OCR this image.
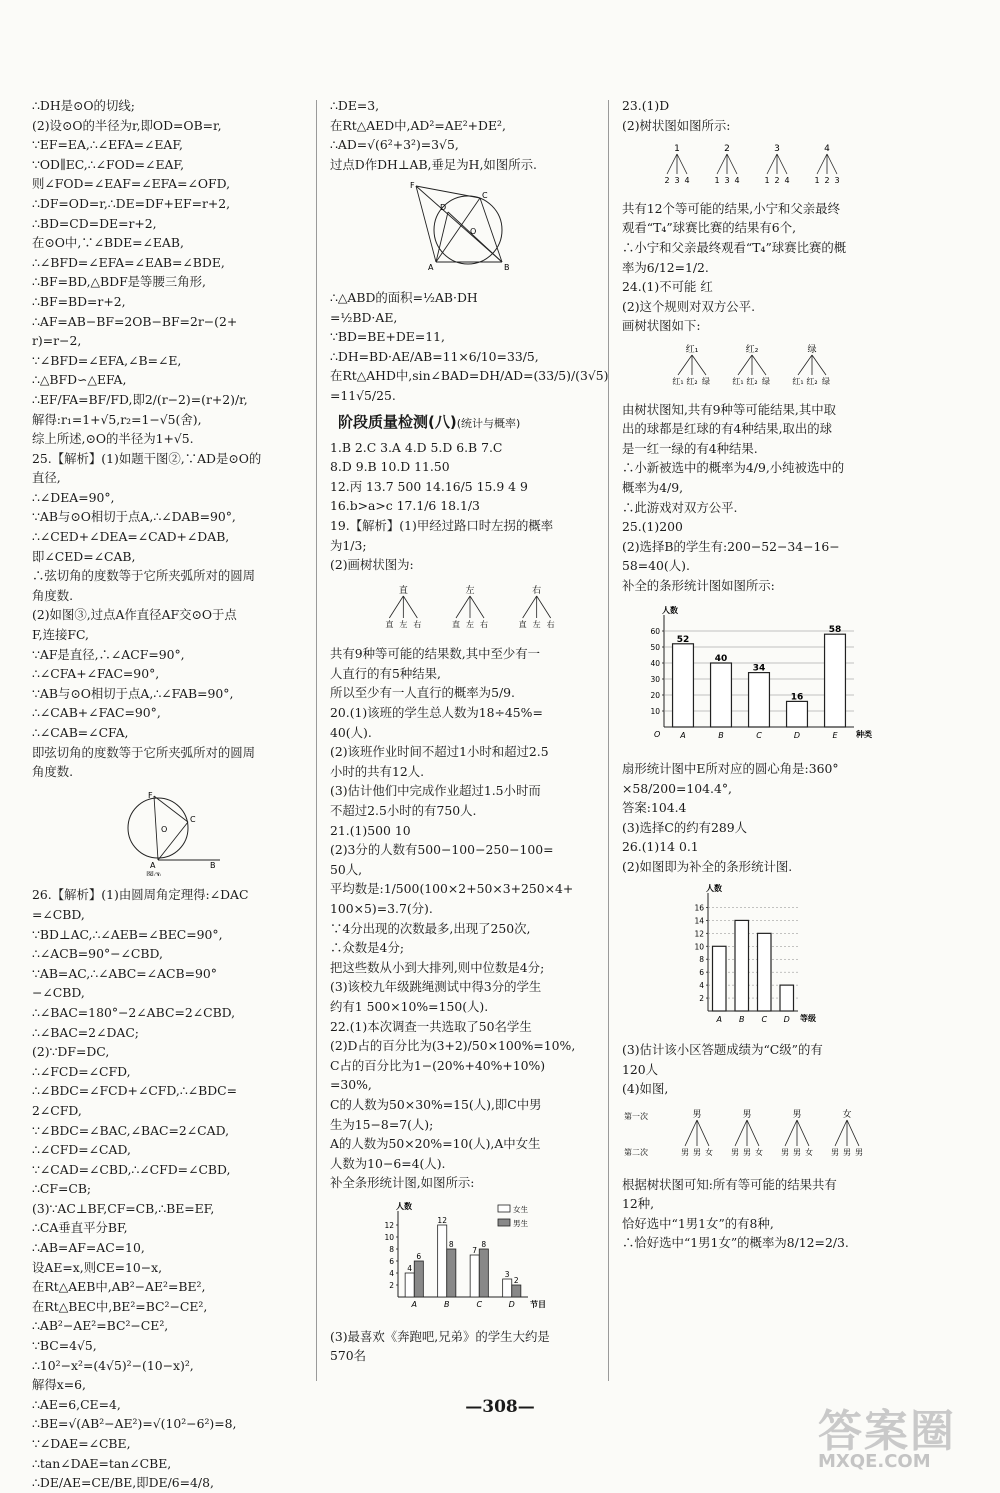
∴DH是⊙O的切线;
(2)设⊙O的半径为r,即OD=OB=r,
∵EF=EA,∴∠EFA=∠EAF,
∵OD∥EC,∴∠FOD=∠EAF,
则∠FOD=∠EAF=∠EFA=∠OFD,
∴DF=OD=r,∴DE=DF+EF=r+2,
∴BD=CD=DE=r+2,
在⊙O中,∵∠BDE=∠EAB,
∴∠BFD=∠EFA=∠EAB=∠BDE,
∴BF=BD,△BDF是等腰三角形,
∴BF=BD=r+2,
∴AF=AB−BF=2OB−BF=2r−(2+
r)=r−2,
∵∠BFD=∠EFA,∠B=∠E,
∴△BFD∽△EFA,
∴EF/FA=BF/FD,即2/(r−2)=(r+2)/r,
解得:r₁=1+√5,r₂=1−√5(舍),
综上所述,⊙O的半径为1+√5.
25.【解析】(1)如题干图②,∵AD是⊙O的
直径,
∴∠DEA=90°,
∵AB与⊙O相切于点A,∴∠DAB=90°,
∴∠CED+∠DEA=∠CAD+∠DAB,
即∠CED=∠CAB,
∴弦切角的度数等于它所夹弧所对的圆周
角度数.
(2)如图③,过点A作直径AF交⊙O于点
F,连接FC,
∵AF是直径,∴∠ACF=90°,
∴∠CFA+∠FAC=90°,
∵AB与⊙O相切于点A,∴∠FAB=90°,
∴∠CAB+∠FAC=90°,
∴∠CAB=∠CFA,
即弦切角的度数等于它所夹弧所对的圆周
角度数.
F
O
C
A	B
图③
26.【解析】(1)由圆周角定理得:∠DAC
=∠CBD,
∵BD⊥AC,∴∠AEB=∠BEC=90°,
∴∠ACB=90°−∠CBD,
∵AB=AC,∴∠ABC=∠ACB=90°
−∠CBD,
∴∠BAC=180°−2∠ABC=2∠CBD,
∴∠BAC=2∠DAC;
(2)∵DF=DC,
∴∠FCD=∠CFD,
∴∠BDC=∠FCD+∠CFD,∴∠BDC=
2∠CFD,
∵∠BDC=∠BAC,∠BAC=2∠CAD,
∴∠CFD=∠CAD,
∵∠CAD=∠CBD,∴∠CFD=∠CBD,
∴CF=CB;
(3)∵AC⊥BF,CF=CB,∴BE=EF,
∴CA垂直平分BF,
∴AB=AF=AC=10,
设AE=x,则CE=10−x,
在Rt△AEB中,AB²−AE²=BE²,
在Rt△BEC中,BE²=BC²−CE²,
∴AB²−AE²=BC²−CE²,
∵BC=4√5,
∴10²−x²=(4√5)²−(10−x)²,
解得x=6,
∴AE=6,CE=4,
∴BE=√(AB²−AE²)=√(10²−6²)=8,
∵∠DAE=∠CBE,
∴tan∠DAE=tan∠CBE,
∴DE/AE=CE/BE,即DE/6=4/8,
∴DE=3,
在Rt△AED中,AD²=AE²+DE²,
∴AD=√(6²+3²)=3√5,
过点D作DH⊥AB,垂足为H,如图所示.
F
C
D
O
A	B
∴△ABD的面积=½AB·DH
=½BD·AE,
∵BD=BE+DE=11,
∴DH=BD·AE/AB=11×6/10=33/5,
在Rt△AHD中,sin∠BAD=DH/AD=(33/5)/(3√5)
=11√5/25.
阶段质量检测(八)(统计与概率)
1.B 2.C 3.A 4.D 5.D 6.B 7.C
8.D 9.B 10.D 11.50
12.丙 13.7 500 14.16/5 15.9 4 9
16.b>a>c 17.1/6 18.1/3
19.【解析】(1)甲经过路口时左拐的概率
为1/3;
(2)画树状图为:
直
直 左 右
左
直 左 右
右
直 左 右
共有9种等可能的结果数,其中至少有一
人直行的有5种结果,
所以至少有一人直行的概率为5/9.
20.(1)该班的学生总人数为18÷45%=
40(人).
(2)该班作业时间不超过1小时和超过2.5
小时的共有12人.
(3)估计他们中完成作业超过1.5小时而
不超过2.5小时的有750人.
21.(1)500 10
(2)3分的人数有500−100−250−100=
50人,
平均数是:1/500(100×2+50×3+250×4+
100×5)=3.7(分).
∵4分出现的次数最多,出现了250次,
∴众数是4分;
把这些数从小到大排列,则中位数是4分;
(3)该校九年级跳绳测试中得3分的学生
约有1 500×10%=150(人).
22.(1)本次调查一共选取了50名学生
(2)D占的百分比为(3+2)/50×100%=10%,
C占的百分比为1−(20%+40%+10%)
=30%,
C的人数为50×30%=15(人),即C中男
生为15−8=7(人);
A的人数为50×20%=10(人),A中女生
人数为10−6=4(人).
补全条形统计图,如图所示:
人数
节目
2
4
6
8
10
12
4
6
A
12
8
B
7
8
C
3
2
D
女生
男生
(3)最喜欢《奔跑吧,兄弟》的学生大约是
570名
23.(1)D
(2)树状图如图所示:
1
2 3 4
2
1 3 4
3
1 2 4
4
1 2 3
共有12个等可能的结果,小宁和父亲最终
观看“T₄”球赛比赛的结果有6个,
∴小宁和父亲最终观看“T₄”球赛比赛的概
率为6/12=1/2.
24.(1)不可能 红
(2)这个规则对双方公平.
画树状图如下:
红₁
红₁ 红₂ 绿
红₂
红₁ 红₂ 绿
绿
红₁ 红₂ 绿
由树状图知,共有9种等可能结果,其中取
出的球都是红球的有4种结果,取出的球
是一红一绿的有4种结果.
∴小新被选中的概率为4/9,小纯被选中的
概率为4/9,
∴此游戏对双方公平.
25.(1)200
(2)选择B的学生有:200−52−34−16−
58=40(人).
补全的条形统计图如图所示:
人数
种类
10
20
30
40
50
60
O
52
A
40
B
34
C
16
D
58
E
扇形统计图中E所对应的圆心角是:360°
×58/200=104.4°,
答案:104.4
(3)选择C的约有289人
26.(1)14 0.1
(2)如图即为补全的条形统计图.
人数
等级
2
4
6
8
10
12
14
16
A B C D
(3)估计该小区答题成绩为“C级”的有
120人
(4)如图,
第一次
第二次
男
男 男 女
男
男 男 女
男
男 男 女
女
男 男 男
根据树状图可知:所有等可能的结果共有
12种,
恰好选中“1男1女”的有8种,
∴恰好选中“1男1女”的概率为8/12=2/3.
—308—	答案圈
MXQE.COM
